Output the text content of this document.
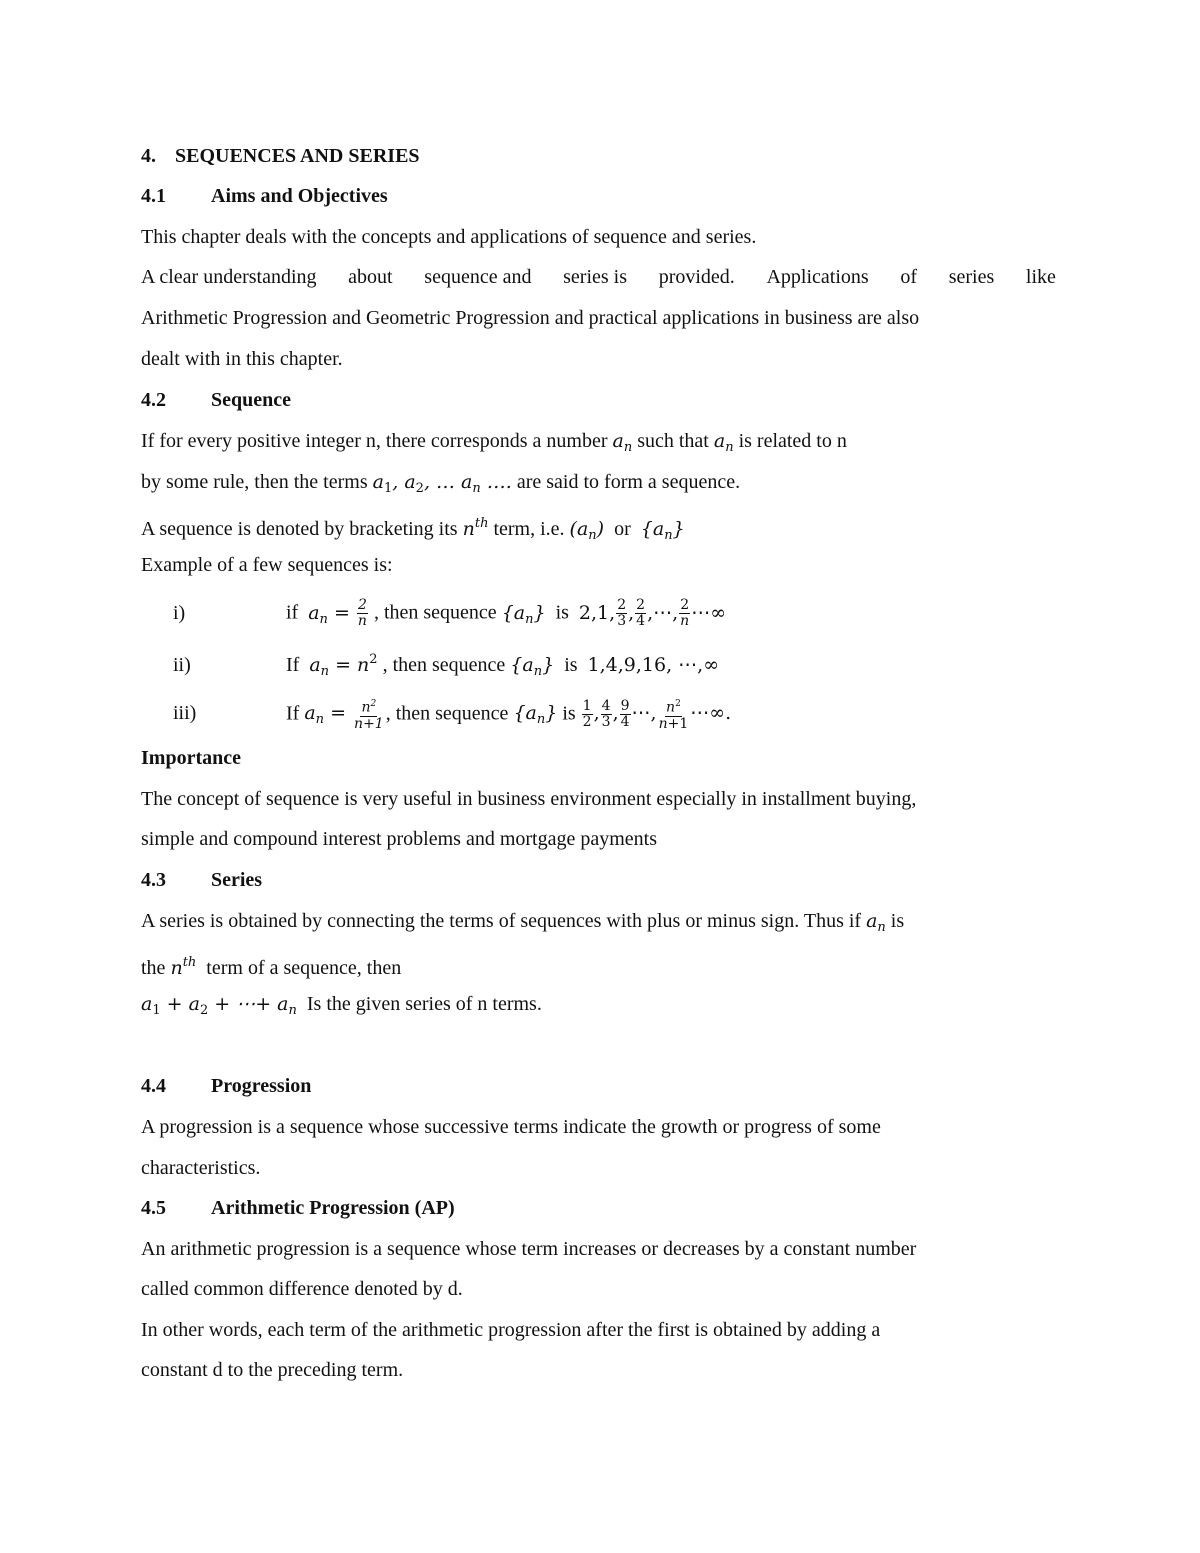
4. SEQUENCES AND SERIES
4.1 Aims and Objectives
This chapter deals with the concepts and applications of sequence and series.
A clear understanding about sequence and series is provided. Applications of series like
Arithmetic Progression and Geometric Progression and practical applications in business are also
dealt with in this chapter.
4.2 Sequence
If for every positive integer n, there corresponds a number $a_n$ such that $a_n$ is related to n
by some rule, then the terms $a_1$, $a_2$, … $a_n$ …. are said to form a sequence.
A sequence is denoted by bracketing its $n^{th}$ term, i.e. $(a_n)$ or $\{a_n\}$
Example of a few sequences is:
i)	if $a_n = \frac{2}{n}$ , then sequence $\{a_n\}$ is 2,1, $\frac{2}{3}$ , $\frac{2}{4}$ ,⋯, $\frac{2}{n}$ ⋯∞
ii)	If $a_n = n^2$ , then sequence $\{a_n\}$ is 1,4,9,16, ⋯,∞
iii)	If $a_n = \frac{n^2}{n+1}$ , then sequence $\{a_n\}$ is $\frac{1}{2}$ , $\frac{4}{3}$ , $\frac{9}{4}$ ⋯, $\frac{n^2}{n+1}$ ⋯∞.
Importance
The concept of sequence is very useful in business environment especially in installment buying,
simple and compound interest problems and mortgage payments
4.3 Series
A series is obtained by connecting the terms of sequences with plus or minus sign. Thus if $a_n$ is
the $n^{th}$ term of a sequence, then
$a_1 + a_2$ + ⋯+ $a_n$ Is the given series of n terms.
4.4 Progression
A progression is a sequence whose successive terms indicate the growth or progress of some
characteristics.
4.5 Arithmetic Progression (AP)
An arithmetic progression is a sequence whose term increases or decreases by a constant number
called common difference denoted by d.
In other words, each term of the arithmetic progression after the first is obtained by adding a
constant d to the preceding term.
